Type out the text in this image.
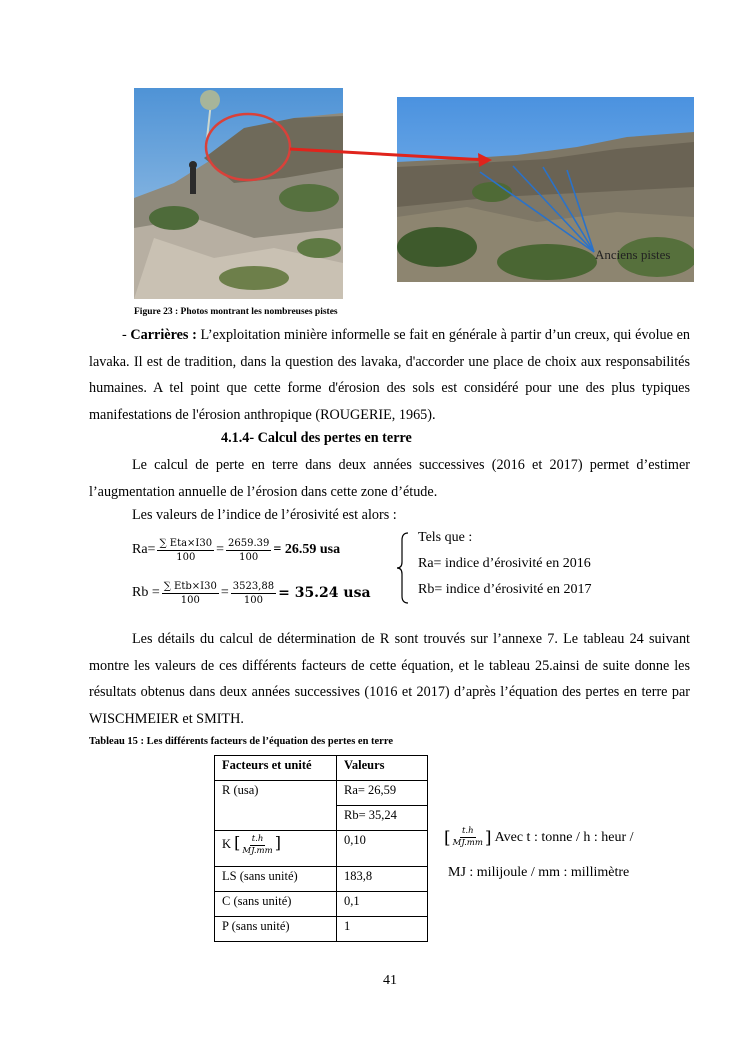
Anciens pistes
Figure 23 : Photos montrant les nombreuses pistes
- Carrières : L’exploitation minière informelle se fait en générale à partir d’un creux, qui évolue en lavaka. Il est de tradition, dans la question des lavaka, d'accorder une place de choix aux responsabilités humaines. A tel point que cette forme d'érosion des sols est considéré pour une des plus typiques manifestations de l'érosion anthropique (ROUGERIE, 1965).
4.1.4- Calcul des pertes en terre
Le calcul de perte en terre dans deux années successives (2016 et 2017) permet d’estimer l’augmentation annuelle de l’érosion dans cette zone d’étude.
Les valeurs de l’indice de l’érosivité est alors :
$Ra= \frac{\text{∑ Eta×I30}}{100} = \frac{2659.39}{100} = 26.59$ usa
$Rb = \frac{\text{∑ Etb×I30}}{100} = \frac{3523,88}{100} = 35.24$ usa
Tels que :
Ra= indice d’érosivité en 2016
Rb= indice d’érosivité en 2017
Les détails du calcul de détermination de R sont trouvés sur l’annexe 7. Le tableau 24 suivant montre les valeurs de ces différents facteurs de cette équation, et le tableau 25.ainsi de suite donne les résultats obtenus dans deux années successives (1016 et 2017) d’après l’équation des pertes en terre par WISCHMEIER et SMITH.
Tableau 15 : Les différents facteurs de l’équation des pertes en terre
Facteurs et unité	Valeurs
R (usa)	Ra= 26,59
	Rb= 35,24
K [ $\frac{t.h}{MJ.mm}$ ]	0,10
LS (sans unité)	183,8
C (sans unité)	0,1
P (sans unité)	1
[ $\frac{t.h}{MJ.mm}$ ] Avec t : tonne / h : heur /
MJ : milijoule / mm : millimètre
41
